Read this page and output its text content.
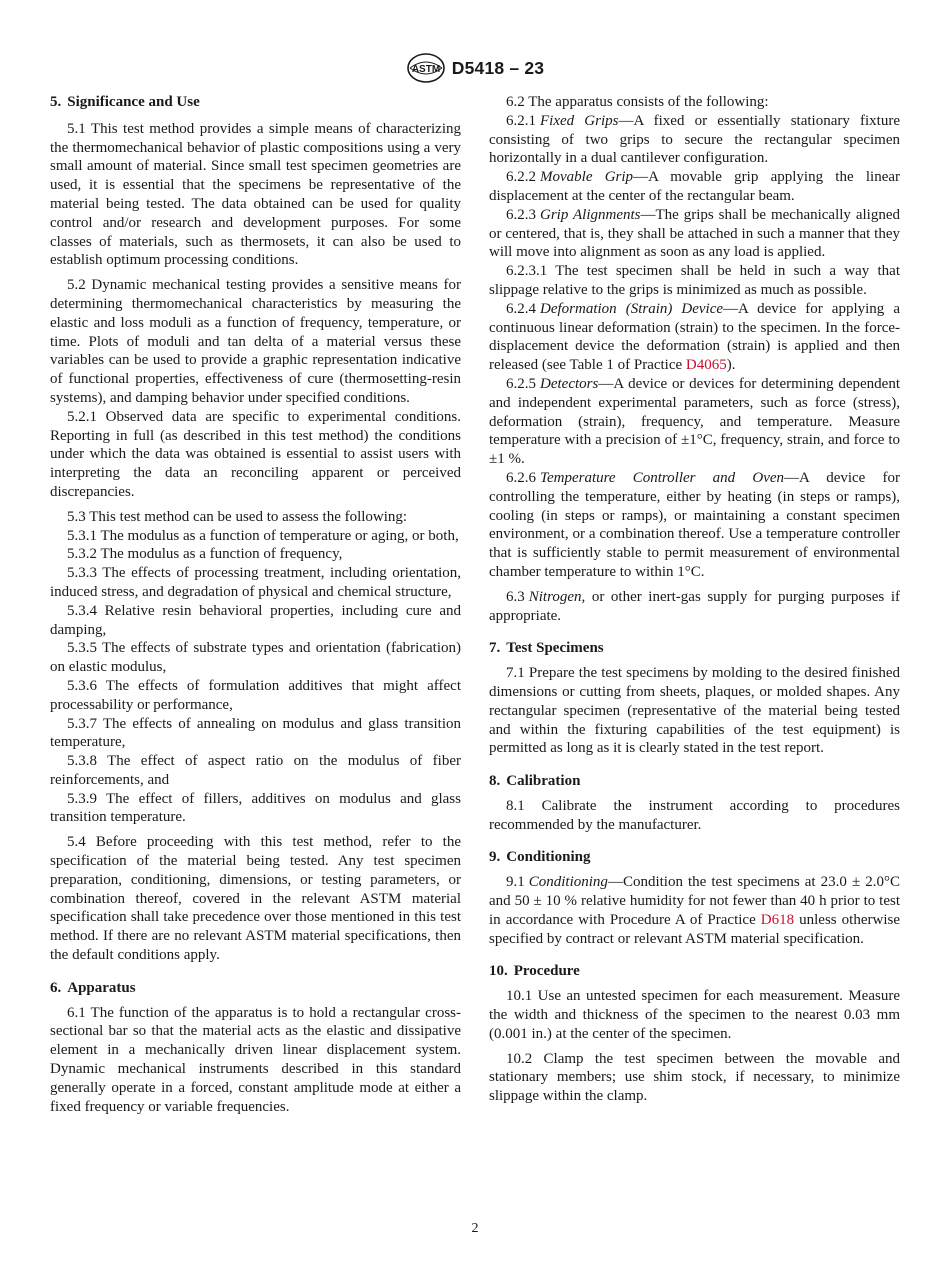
ASTM D5418 – 23
5. Significance and Use

5.1 This test method provides a simple means of characterizing the thermomechanical behavior of plastic compositions using a very small amount of material. Since small test specimen geometries are used, it is essential that the specimens be representative of the material being tested. The data obtained can be used for quality control and/or research and development purposes. For some classes of materials, such as thermosets, it can also be used to establish optimum processing conditions.

5.2 Dynamic mechanical testing provides a sensitive means for determining thermomechanical characteristics by measuring the elastic and loss moduli as a function of frequency, temperature, or time. Plots of moduli and tan delta of a material versus these variables can be used to provide a graphic representation indicative of functional properties, effectiveness of cure (thermosetting-resin systems), and damping behavior under specified conditions.

5.2.1 Observed data are specific to experimental conditions. Reporting in full (as described in this test method) the conditions under which the data was obtained is essential to assist users with interpreting the data an reconciling apparent or perceived discrepancies.

5.3 This test method can be used to assess the following:

5.3.1 The modulus as a function of temperature or aging, or both,

5.3.2 The modulus as a function of frequency,

5.3.3 The effects of processing treatment, including orientation, induced stress, and degradation of physical and chemical structure,

5.3.4 Relative resin behavioral properties, including cure and damping,

5.3.5 The effects of substrate types and orientation (fabrication) on elastic modulus,

5.3.6 The effects of formulation additives that might affect processability or performance,

5.3.7 The effects of annealing on modulus and glass transition temperature,

5.3.8 The effect of aspect ratio on the modulus of fiber reinforcements, and

5.3.9 The effect of fillers, additives on modulus and glass transition temperature.

5.4 Before proceeding with this test method, refer to the specification of the material being tested. Any test specimen preparation, conditioning, dimensions, or testing parameters, or combination thereof, covered in the relevant ASTM material specification shall take precedence over those mentioned in this test method. If there are no relevant ASTM material specifications, then the default conditions apply.

6. Apparatus

6.1 The function of the apparatus is to hold a rectangular cross-sectional bar so that the material acts as the elastic and dissipative element in a mechanically driven linear displacement system. Dynamic mechanical instruments described in this standard generally operate in a forced, constant amplitude mode at either a fixed frequency or variable frequencies.

6.2 The apparatus consists of the following:

6.2.1 Fixed Grips—A fixed or essentially stationary fixture consisting of two grips to secure the rectangular specimen horizontally in a dual cantilever configuration.

6.2.2 Movable Grip—A movable grip applying the linear displacement at the center of the rectangular beam.

6.2.3 Grip Alignments—The grips shall be mechanically aligned or centered, that is, they shall be attached in such a manner that they will move into alignment as soon as any load is applied.

6.2.3.1 The test specimen shall be held in such a way that slippage relative to the grips is minimized as much as possible.

6.2.4 Deformation (Strain) Device—A device for applying a continuous linear deformation (strain) to the specimen. In the force-displacement device the deformation (strain) is applied and then released (see Table 1 of Practice D4065).

6.2.5 Detectors—A device or devices for determining dependent and independent experimental parameters, such as force (stress), deformation (strain), frequency, and temperature. Measure temperature with a precision of ±1°C, frequency, strain, and force to ±1 %.

6.2.6 Temperature Controller and Oven—A device for controlling the temperature, either by heating (in steps or ramps), cooling (in steps or ramps), or maintaining a constant specimen environment, or a combination thereof. Use a temperature controller that is sufficiently stable to permit measurement of environmental chamber temperature to within 1°C.

6.3 Nitrogen, or other inert-gas supply for purging purposes if appropriate.

7. Test Specimens

7.1 Prepare the test specimens by molding to the desired finished dimensions or cutting from sheets, plaques, or molded shapes. Any rectangular specimen (representative of the material being tested and within the fixturing capabilities of the test equipment) is permitted as long as it is clearly stated in the test report.

8. Calibration

8.1 Calibrate the instrument according to procedures recommended by the manufacturer.

9. Conditioning

9.1 Conditioning—Condition the test specimens at 23.0 ± 2.0°C and 50 ± 10 % relative humidity for not fewer than 40 h prior to test in accordance with Procedure A of Practice D618 unless otherwise specified by contract or relevant ASTM material specification.

10. Procedure

10.1 Use an untested specimen for each measurement. Measure the width and thickness of the specimen to the nearest 0.03 mm (0.001 in.) at the center of the specimen.

10.2 Clamp the test specimen between the movable and stationary members; use shim stock, if necessary, to minimize slippage within the clamp.

2
